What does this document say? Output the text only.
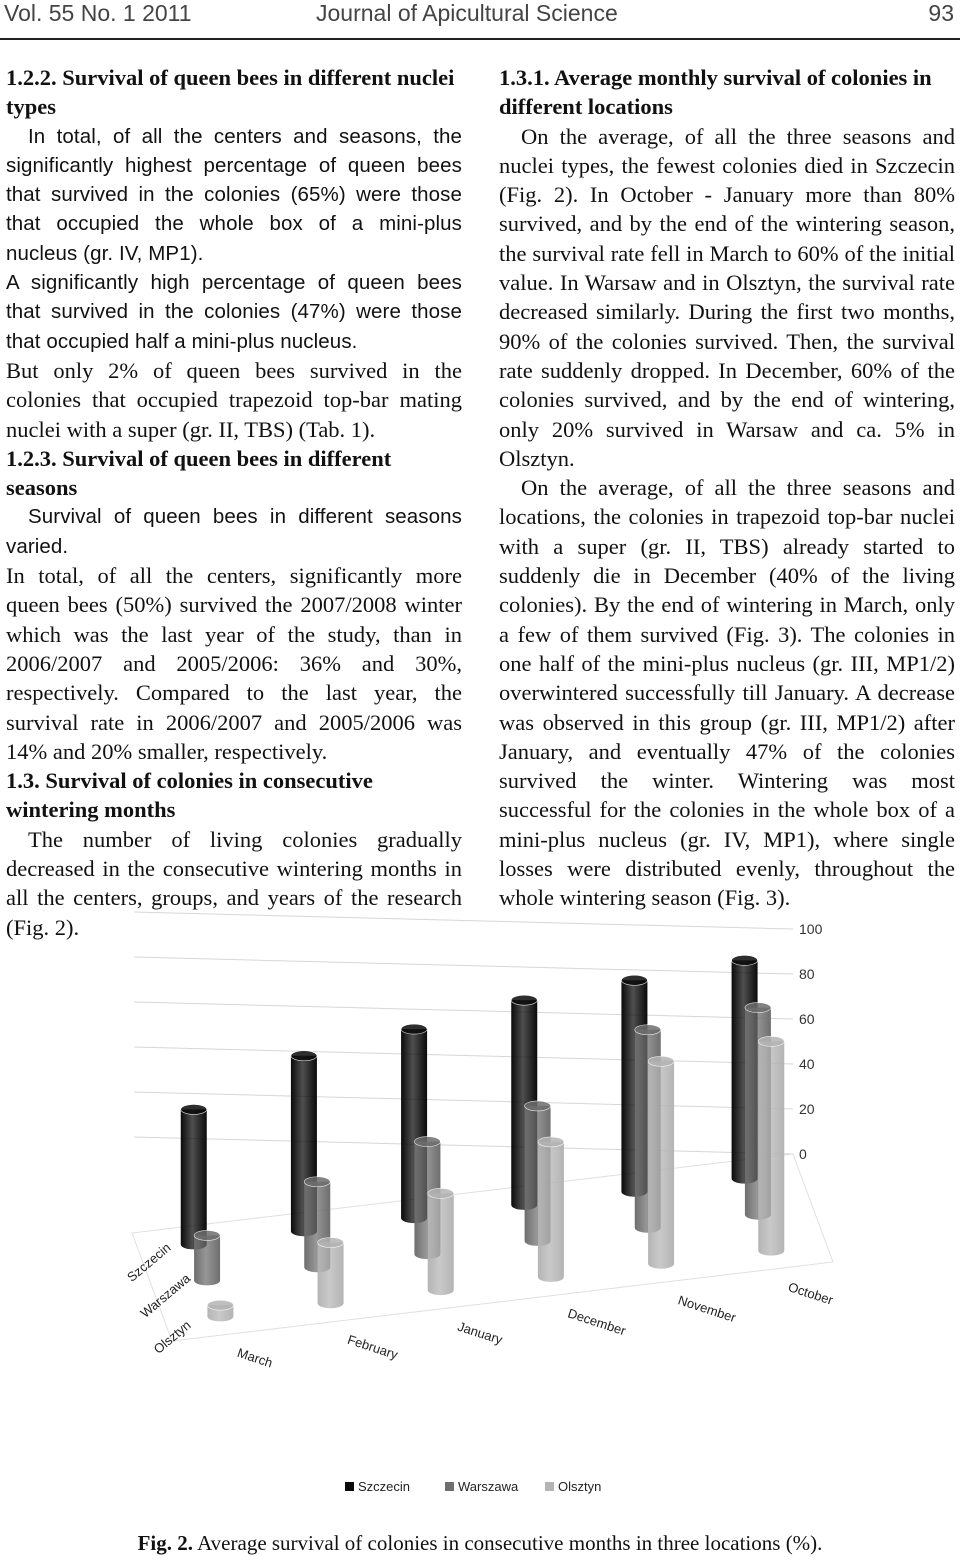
Vol. 55 No. 1 2011	Journal of Apicultural Science	93
1.2.2. Survival of queen bees in different nuclei types

In total, of all the centers and seasons, the significantly highest percentage of queen bees that survived in the colonies (65%) were those that occupied the whole box of a mini-plus nucleus (gr. IV, MP1).

A significantly high percentage of queen bees that survived in the colonies (47%) were those that occupied half a mini-plus nucleus.

But only 2% of queen bees survived in the colonies that occupied trapezoid top-bar mating nuclei with a super (gr. II, TBS) (Tab. 1).

1.2.3. Survival of queen bees in different seasons

Survival of queen bees in different seasons varied.

In total, of all the centers, significantly more queen bees (50%) survived the 2007/2008 winter which was the last year of the study, than in 2006/2007 and 2005/2006: 36% and 30%, respectively. Compared to the last year, the survival rate in 2006/2007 and 2005/2006 was 14% and 20% smaller, respectively.

1.3. Survival of colonies in consecutive wintering months

The number of living colonies gradually decreased in the consecutive wintering months in all the centers, groups, and years of the research (Fig. 2).

1.3.1. Average monthly survival of colonies in different locations

On the average, of all the three seasons and nuclei types, the fewest colonies died in Szczecin (Fig. 2). In October - January more than 80% survived, and by the end of the wintering season, the survival rate fell in March to 60% of the initial value. In Warsaw and in Olsztyn, the survival rate decreased similarly. During the first two months, 90% of the colonies survived. Then, the survival rate suddenly dropped. In December, 60% of the colonies survived, and by the end of wintering, only 20% survived in Warsaw and ca. 5% in Olsztyn.

On the average, of all the three seasons and locations, the colonies in trapezoid top-bar nuclei with a super (gr. II, TBS) already started to suddenly die in December (40% of the living colonies). By the end of wintering in March, only a few of them survived (Fig. 3). The colonies in one half of the mini-plus nucleus (gr. III, MP1/2) overwintered successfully till January. A decrease was observed in this group (gr. III, MP1/2) after January, and eventually 47% of the colonies survived the winter. Wintering was most successful for the colonies in the whole box of a mini-plus nucleus (gr. IV, MP1), where single losses were distributed evenly, throughout the whole wintering season (Fig. 3).

0
20
40
60
80
100
March	February	January	December	November	October
Szczecin
Warszawa
Olsztyn
Szczecin	Warszawa	Olsztyn
Fig. 2. Average survival of colonies in consecutive months in three locations (%).
